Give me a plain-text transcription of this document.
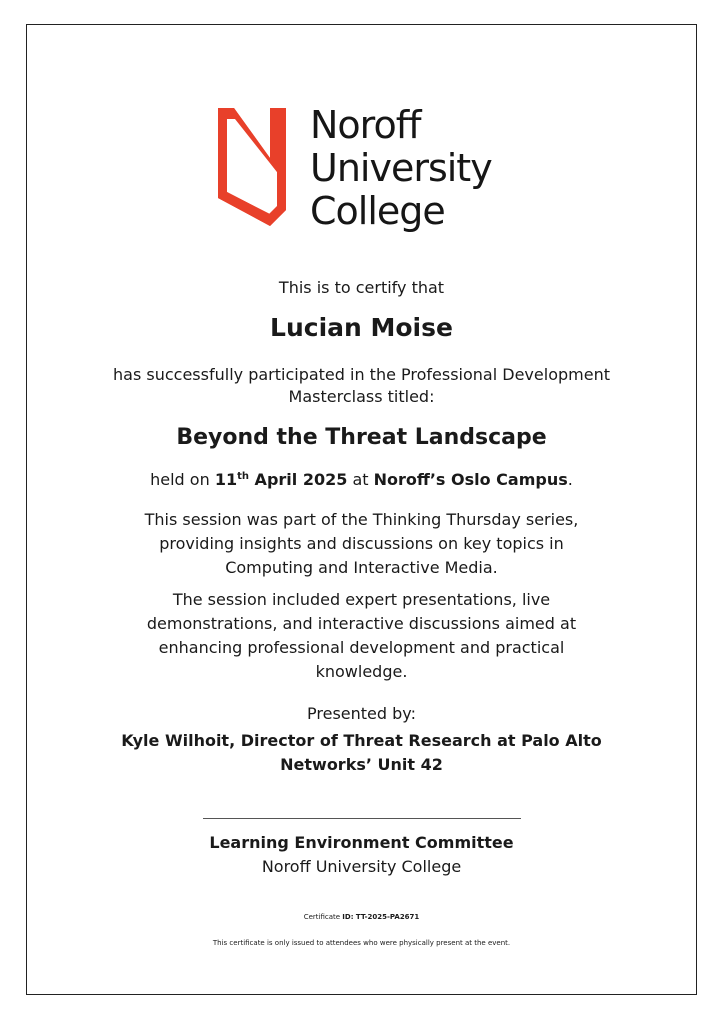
Noroff
University
College
This is to certify that
Lucian Moise
has successfully participated in the Professional Development
Masterclass titled:
Beyond the Threat Landscape
held on 11th April 2025 at Noroff’s Oslo Campus.
This session was part of the Thinking Thursday series,
providing insights and discussions on key topics in
Computing and Interactive Media.
The session included expert presentations, live
demonstrations, and interactive discussions aimed at
enhancing professional development and practical
knowledge.
Presented by:
Kyle Wilhoit, Director of Threat Research at Palo Alto
Networks’ Unit 42
Learning Environment Committee
Noroff University College
Certificate ID: TT-2025-PA2671
This certificate is only issued to attendees who were physically present at the event.
